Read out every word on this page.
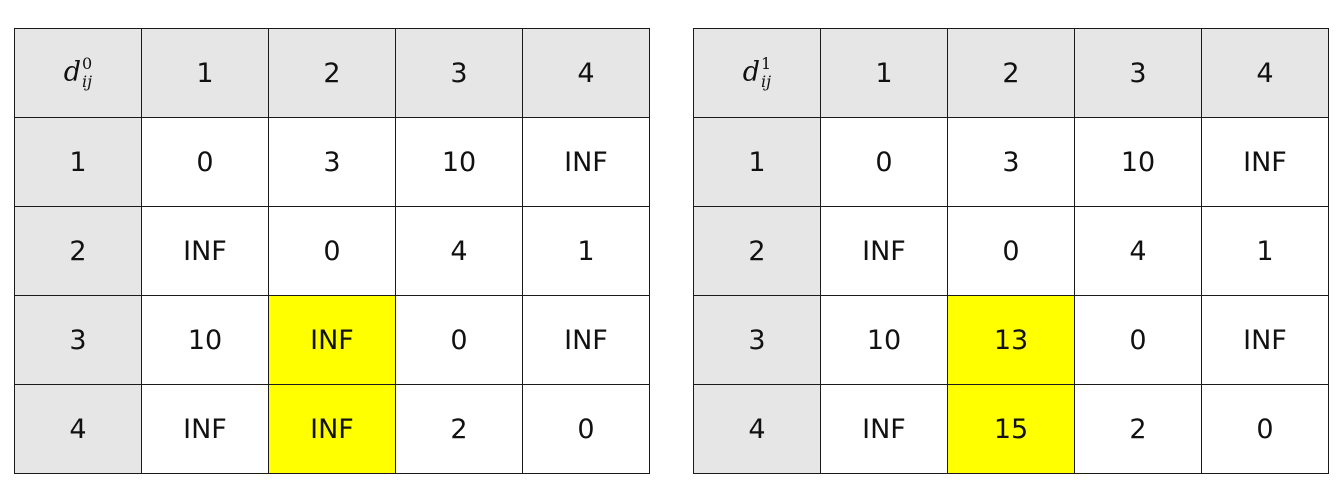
d 0
ij	1	2	3	4
1	0	3	10	INF
2	INF	0	4	1
3	10	INF	0	INF
4	INF	INF	2	0
d 1
ij	1	2	3	4
1	0	3	10	INF
2	INF	0	4	1
3	10	13	0	INF
4	INF	15	2	0
